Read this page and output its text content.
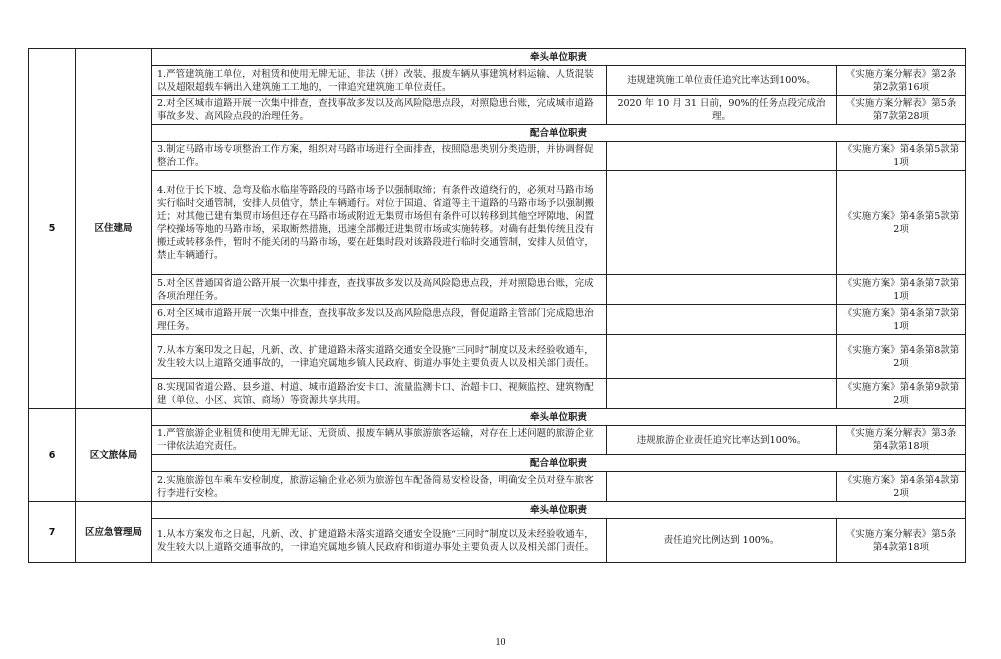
5	区住建局	牵头单位职责		
		1.严管建筑施工单位，对租赁和使用无牌无证、非法（拼）改装、报废车辆从事建筑材料运输、人货混装以及超限超载车辆出入建筑施工工地的，一律追究建筑施工单位责任。	违规建筑施工单位责任追究比率达到100%。	《实施方案分解表》第2条第2款第16项
		2.对全区城市道路开展一次集中排查，查找事故多发以及高风险隐患点段，对照隐患台账，完成城市道路事故多发、高风险点段的治理任务。	2020 年 10 月 31 日前，90%的任务点段完成治理。	《实施方案分解表》第5条第7款第28项
		配合单位职责		
		3.制定马路市场专项整治工作方案，组织对马路市场进行全面排查，按照隐患类别分类造册，并协调督促整治工作。		《实施方案》第4条第5款第1项
		4.对位于长下坡、急弯及临水临崖等路段的马路市场予以强制取缔；有条件改道绕行的，必须对马路市场实行临时交通管制，安排人员值守，禁止车辆通行。对位于国道、省道等主干道路的马路市场予以强制搬迁；对其他已建有集贸市场但还存在马路市场或附近无集贸市场但有条件可以转移到其他空坪隙地、闲置学校操场等地的马路市场，采取断然措施，迅速全部搬迁进集贸市场或实施转移。对确有赶集传统且没有搬迁或转移条件，暂时不能关闭的马路市场，要在赶集时段对该路段进行临时交通管制，安排人员值守，禁止车辆通行。		《实施方案》第4条第5款第2项
		5.对全区普通国省道公路开展一次集中排查，查找事故多发以及高风险隐患点段，并对照隐患台账，完成各项治理任务。		《实施方案》第4条第7款第1项
		6.对全区城市道路开展一次集中排查，查找事故多发以及高风险隐患点段，督促道路主管部门完成隐患治理任务。		《实施方案》第4条第7款第1项
		7.从本方案印发之日起，凡新、改、扩建道路未落实道路交通安全设施“三同时”制度以及未经验收通车，发生较大以上道路交通事故的，一律追究属地乡镇人民政府、街道办事处主要负责人以及相关部门责任。		《实施方案》第4条第8款第2项
		8.实现国省道公路、县乡道、村道、城市道路治安卡口、流量监测卡口、治超卡口、视频监控、建筑物配建（单位、小区、宾馆、商场）等资源共享共用。		《实施方案》第4条第9款第2项
6	区文旅体局	牵头单位职责		
		1.严管旅游企业租赁和使用无牌无证、无资质、报废车辆从事旅游旅客运输，对存在上述问题的旅游企业一律依法追究责任。	违规旅游企业责任追究比率达到100%。	《实施方案分解表》第3条第4款第18项
		配合单位职责		
		2.实施旅游包车乘车安检制度，旅游运输企业必须为旅游包车配备简易安检设备，明确安全员对登车旅客行李进行安检。		《实施方案》第4条第4款第2项
7	区应急管理局	牵头单位职责		
		1.从本方案发布之日起，凡新、改、扩建道路未落实道路交通安全设施“三同时”制度以及未经验收通车，发生较大以上道路交通事故的，一律追究属地乡镇人民政府和街道办事处主要负责人以及相关部门责任。	责任追究比例达到 100%。	《实施方案分解表》第5条第4款第18项
10
